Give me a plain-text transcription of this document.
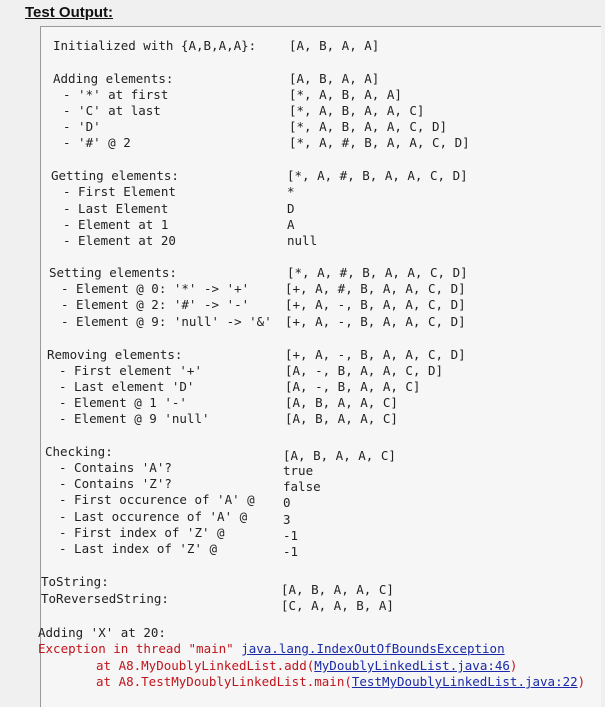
Test Output:
Initialized with {A,B,A,A}:	[A, B, A, A]
Adding elements:	[A, B, A, A]
- '*' at first	[*, A, B, A, A]
- 'C' at last	[*, A, B, A, A, C]
- 'D'	[*, A, B, A, A, C, D]
- '#' @ 2	[*, A, #, B, A, A, C, D]
Getting elements:	[*, A, #, B, A, A, C, D]
- First Element	*
- Last Element	D
- Element at 1	A
- Element at 20	null
Setting elements:	[*, A, #, B, A, A, C, D]
- Element @ 0: '*' -> '+'	[+, A, #, B, A, A, C, D]
- Element @ 2: '#' -> '-'	[+, A, -, B, A, A, C, D]
- Element @ 9: 'null' -> '&' [+, A, -, B, A, A, C, D]
Removing elements:	[+, A, -, B, A, A, C, D]
- First element '+'	[A, -, B, A, A, C, D]
- Last element 'D'	[A, -, B, A, A, C]
- Element @ 1 '-'	[A, B, A, A, C]
- Element @ 9 'null'	[A, B, A, A, C]
Checking:	[A, B, A, A, C]
- Contains 'A'?	true
- Contains 'Z'?	false
- First occurence of 'A' @ 0
- Last occurence of 'A' @	3
- First index of 'Z' @	-1
- Last index of 'Z' @	-1
ToString:
[A, B, A, A, C]
ToReversedString:	[C, A, A, B, A]
Adding 'X' at 20:
Exception in thread "main" java.lang.IndexOutOfBoundsException
at A8.MyDoublyLinkedList.add(MyDoublyLinkedList.java:46)
at A8.TestMyDoublyLinkedList.main(TestMyDoublyLinkedList.java:22)
